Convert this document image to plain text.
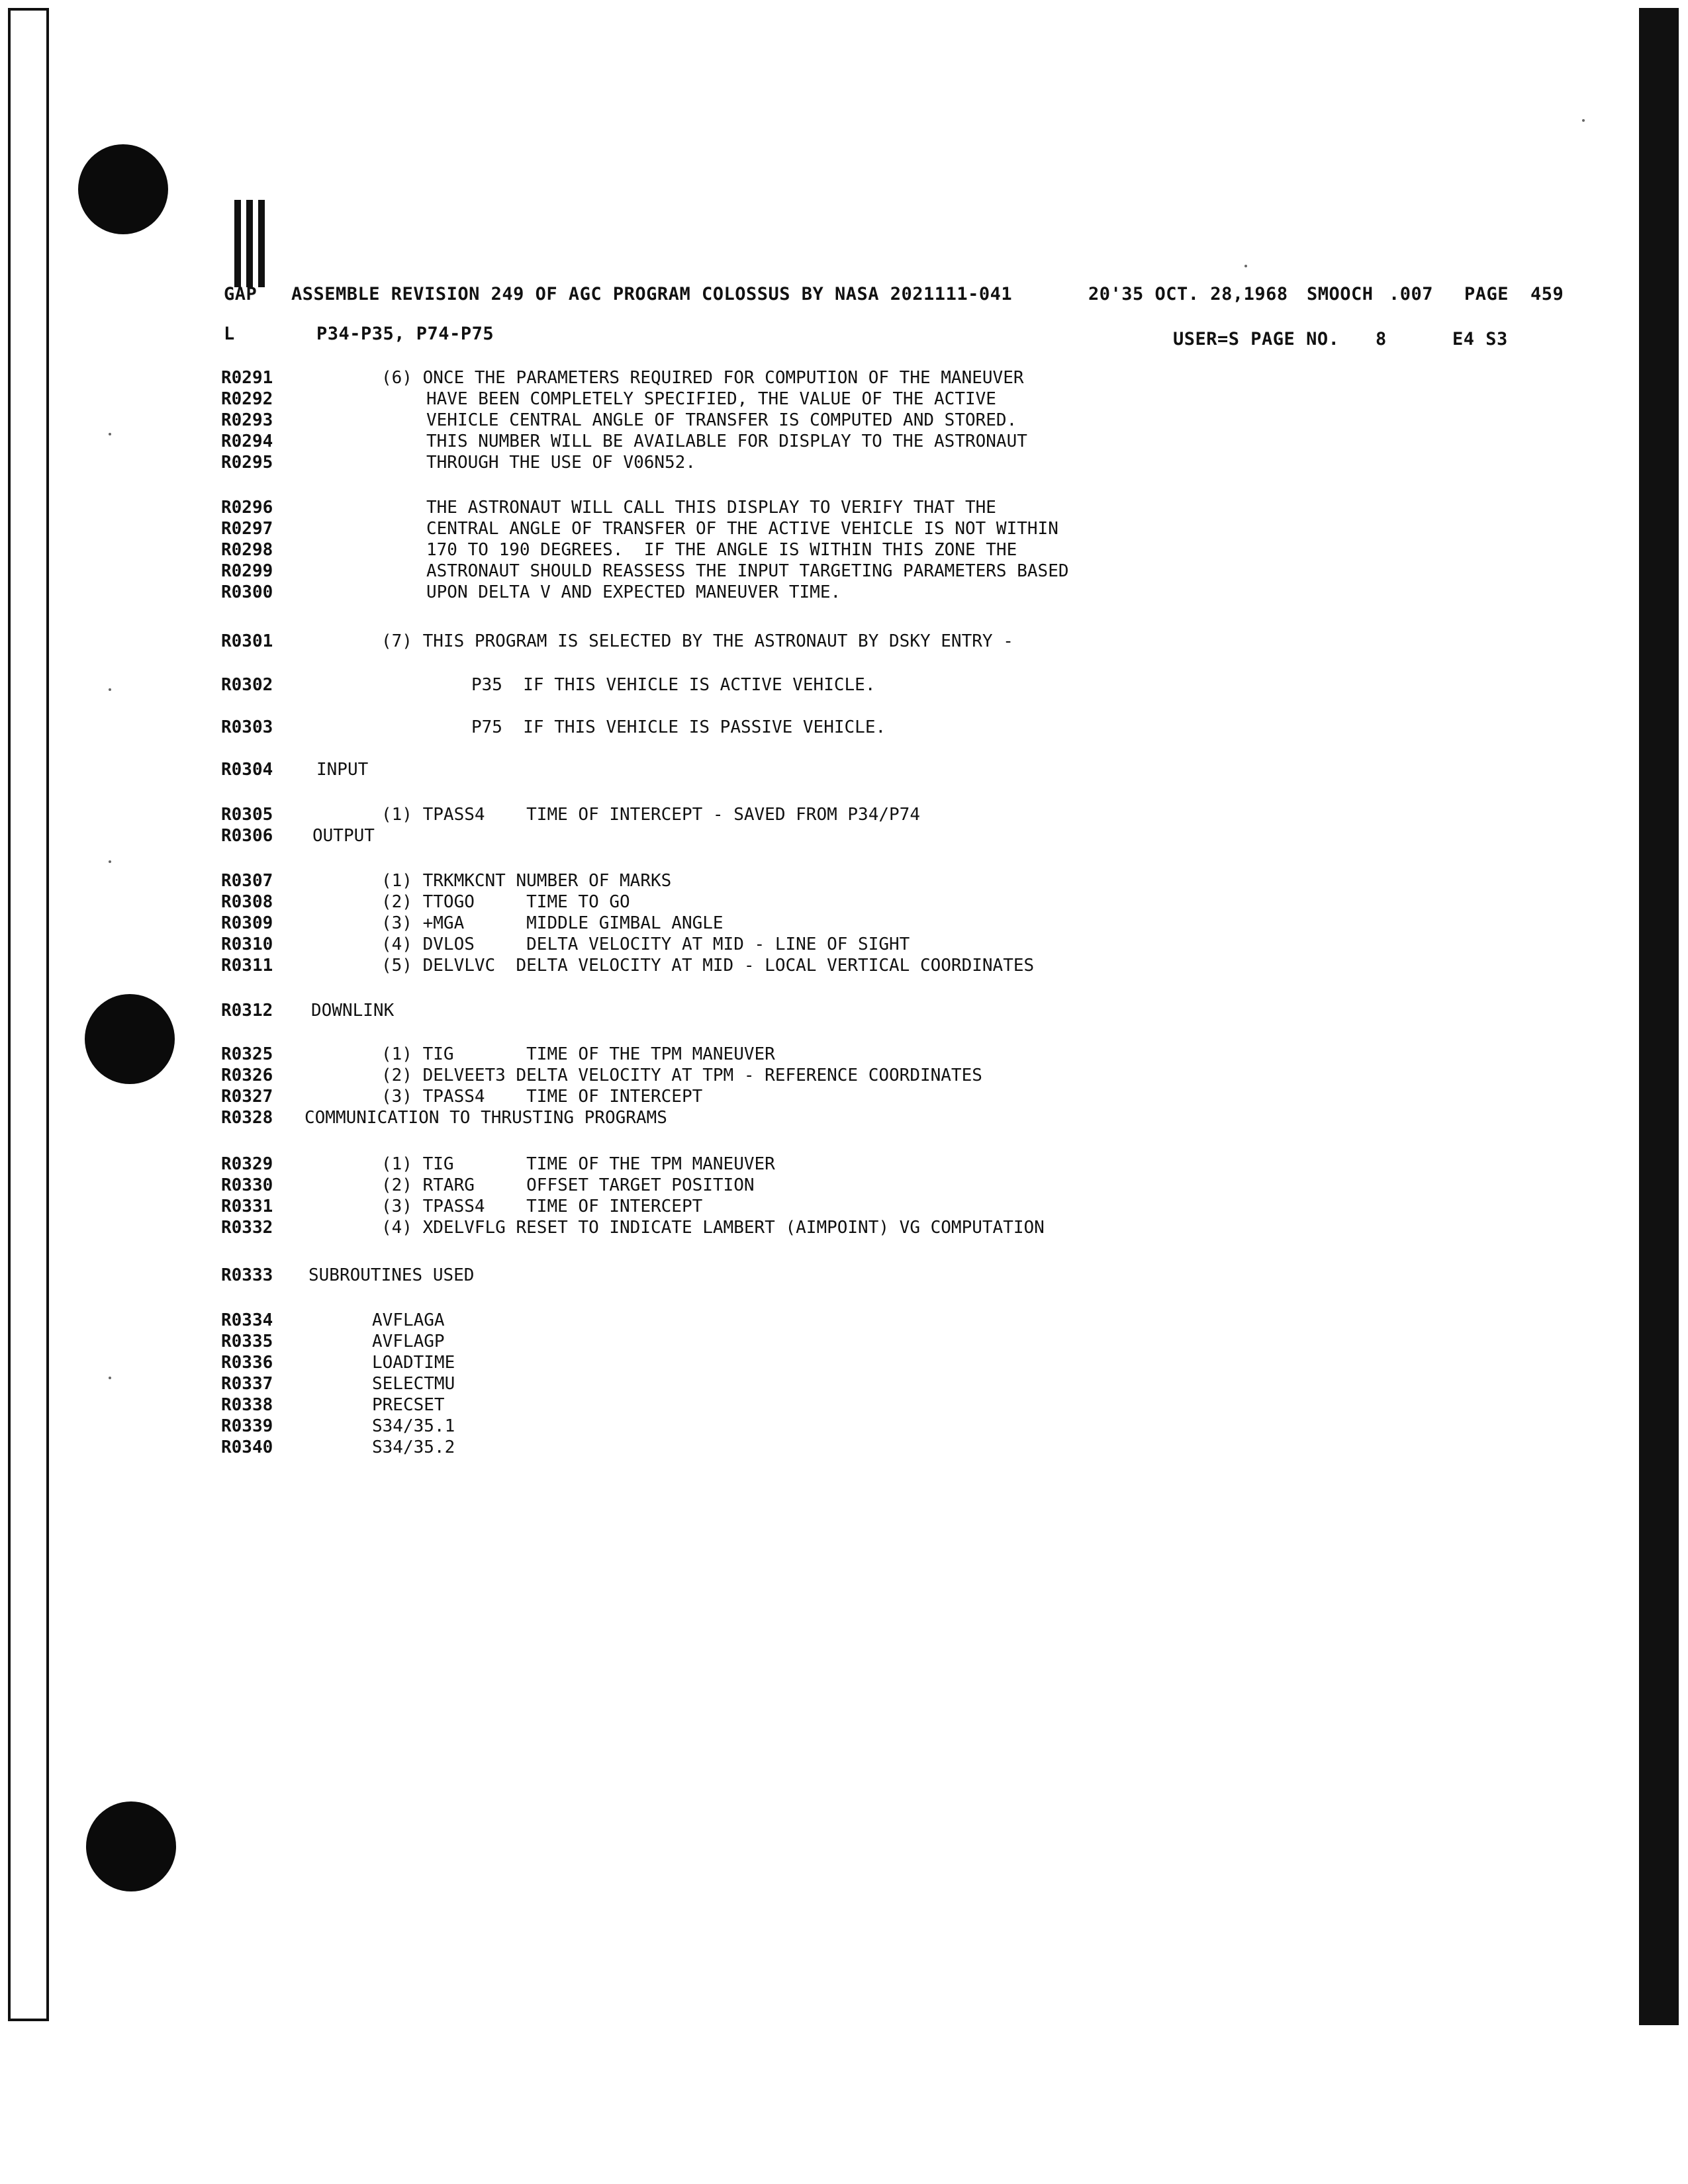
GAP ASSEMBLE REVISION 249 OF AGC PROGRAM COLOSSUS BY NASA 2021111-041	20'35 OCT. 28,1968 SMOOCH .007 PAGE 459
L	P34-P35, P74-P75	USER=S PAGE NO. 8	E4 S3
R0291	(6) ONCE THE PARAMETERS REQUIRED FOR COMPUTION OF THE MANEUVER
R0292	HAVE BEEN COMPLETELY SPECIFIED, THE VALUE OF THE ACTIVE
R0293	VEHICLE CENTRAL ANGLE OF TRANSFER IS COMPUTED AND STORED.
R0294	THIS NUMBER WILL BE AVAILABLE FOR DISPLAY TO THE ASTRONAUT
R0295	THROUGH THE USE OF V06N52.
R0296	THE ASTRONAUT WILL CALL THIS DISPLAY TO VERIFY THAT THE
R0297	CENTRAL ANGLE OF TRANSFER OF THE ACTIVE VEHICLE IS NOT WITHIN
R0298	170 TO 190 DEGREES.  IF THE ANGLE IS WITHIN THIS ZONE THE
R0299	ASTRONAUT SHOULD REASSESS THE INPUT TARGETING PARAMETERS BASED
R0300	UPON DELTA V AND EXPECTED MANEUVER TIME.
R0301	(7) THIS PROGRAM IS SELECTED BY THE ASTRONAUT BY DSKY ENTRY -
R0302	P35  IF THIS VEHICLE IS ACTIVE VEHICLE.
R0303	P75  IF THIS VEHICLE IS PASSIVE VEHICLE.
R0304	INPUT
R0305	(1) TPASS4    TIME OF INTERCEPT - SAVED FROM P34/P74
R0306	OUTPUT
R0307	(1) TRKMKCNT NUMBER OF MARKS
R0308	(2) TTOGO     TIME TO GO
R0309	(3) +MGA      MIDDLE GIMBAL ANGLE
R0310	(4) DVLOS     DELTA VELOCITY AT MID - LINE OF SIGHT
R0311	(5) DELVLVC  DELTA VELOCITY AT MID - LOCAL VERTICAL COORDINATES
R0312	DOWNLINK
R0325	(1) TIG       TIME OF THE TPM MANEUVER
R0326	(2) DELVEET3 DELTA VELOCITY AT TPM - REFERENCE COORDINATES
R0327	(3) TPASS4    TIME OF INTERCEPT
R0328	COMMUNICATION TO THRUSTING PROGRAMS
R0329	(1) TIG       TIME OF THE TPM MANEUVER
R0330	(2) RTARG     OFFSET TARGET POSITION
R0331	(3) TPASS4    TIME OF INTERCEPT
R0332	(4) XDELVFLG RESET TO INDICATE LAMBERT (AIMPOINT) VG COMPUTATION
R0333	SUBROUTINES USED
R0334	AVFLAGA
R0335	AVFLAGP
R0336	LOADTIME
R0337	SELECTMU
R0338	PRECSET
R0339	S34/35.1
R0340	S34/35.2
